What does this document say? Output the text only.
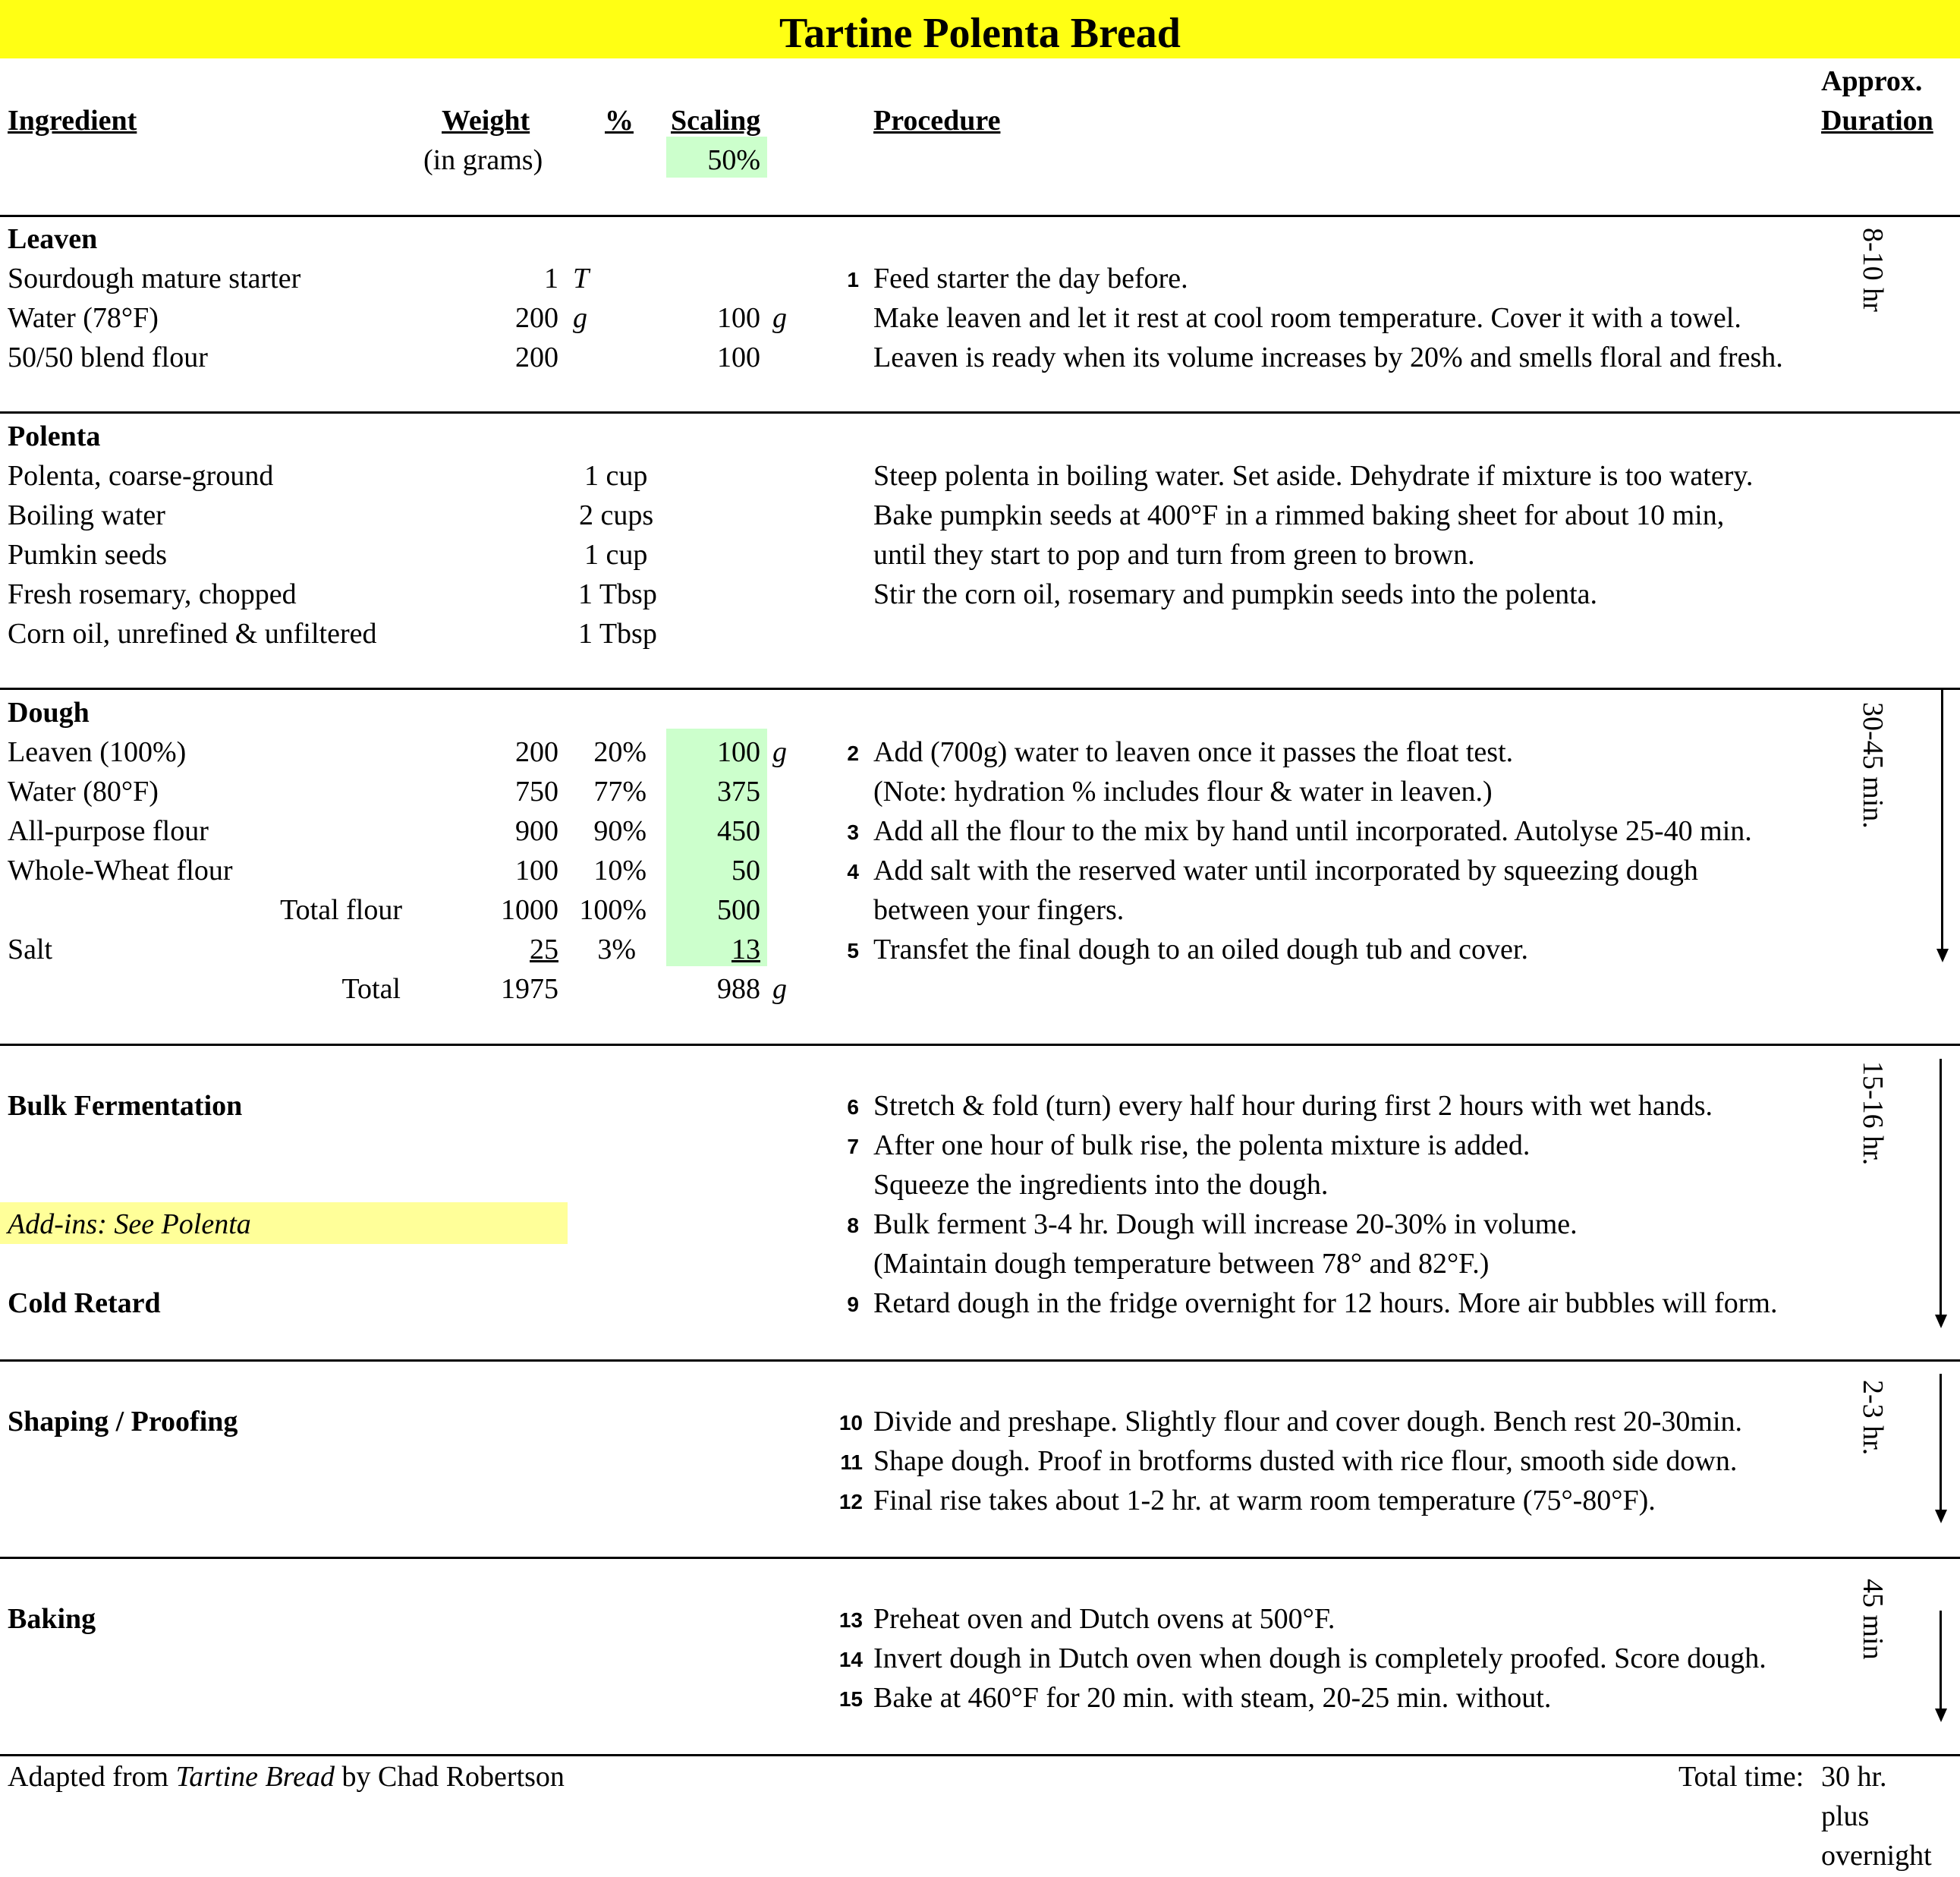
Tartine Polenta Bread
Ingredient	Weight
(in grams)
% Scaling
50%
Procedure
Approx.
Duration
Leaven
Sourdough mature starter	1 T
Water (78°F)	200 g	100 g
50/50 blend flour	200	100
1 Feed starter the day before.
Make leaven and let it rest at cool room temperature. Cover it with a towel.
Leaven is ready when its volume increases by 20% and smells floral and fresh.
8-10 hr
Polenta
Polenta, coarse-ground	1 cup
Boiling water	2 cups
Pumkin seeds	1 cup
Fresh rosemary, chopped	1 Tbsp
Corn oil, unrefined & unfiltered	1 Tbsp
Steep polenta in boiling water. Set aside. Dehydrate if mixture is too watery.
Bake pumpkin seeds at 400°F in a rimmed baking sheet for about 10 min,
until they start to pop and turn from green to brown.
Stir the corn oil, rosemary and pumpkin seeds into the polenta.
Dough
Leaven (100%)	200	20%	100 g
Water (80°F)	750	77%	375
All-purpose flour	900	90%	450
Whole-Wheat flour	100	10%	50
Total flour	1000 100%	500
Salt	25	3%	13
Total	1975	988 g
2 Add (700g) water to leaven once it passes the float test.
(Note: hydration % includes flour & water in leaven.)
3 Add all the flour to the mix by hand until incorporated. Autolyse 25-40 min.
4 Add salt with the reserved water until incorporated by squeezing dough
between your fingers.
5 Transfet the final dough to an oiled dough tub and cover.
30-45 min.
Bulk Fermentation
Add-ins: See Polenta
Cold Retard
6 Stretch & fold (turn) every half hour during first 2 hours with wet hands.
7 After one hour of bulk rise, the polenta mixture is added.
Squeeze the ingredients into the dough.
8 Bulk ferment 3-4 hr. Dough will increase 20-30% in volume.
(Maintain dough temperature between 78° and 82°F.)
9 Retard dough in the fridge overnight for 12 hours. More air bubbles will form.
15-16 hr.
Shaping / Proofing	10 Divide and preshape. Slightly flour and cover dough. Bench rest 20-30min.
11 Shape dough. Proof in brotforms dusted with rice flour, smooth side down.
12 Final rise takes about 1-2 hr. at warm room temperature (75°-80°F).
2-3 hr.
Baking	13 Preheat oven and Dutch ovens at 500°F.
14 Invert dough in Dutch oven when dough is completely proofed. Score dough.
15 Bake at 460°F for 20 min. with steam, 20-25 min. without.
45 min
Adapted from Tartine Bread by Chad Robertson	Total time: 30 hr.
plus
overnight
